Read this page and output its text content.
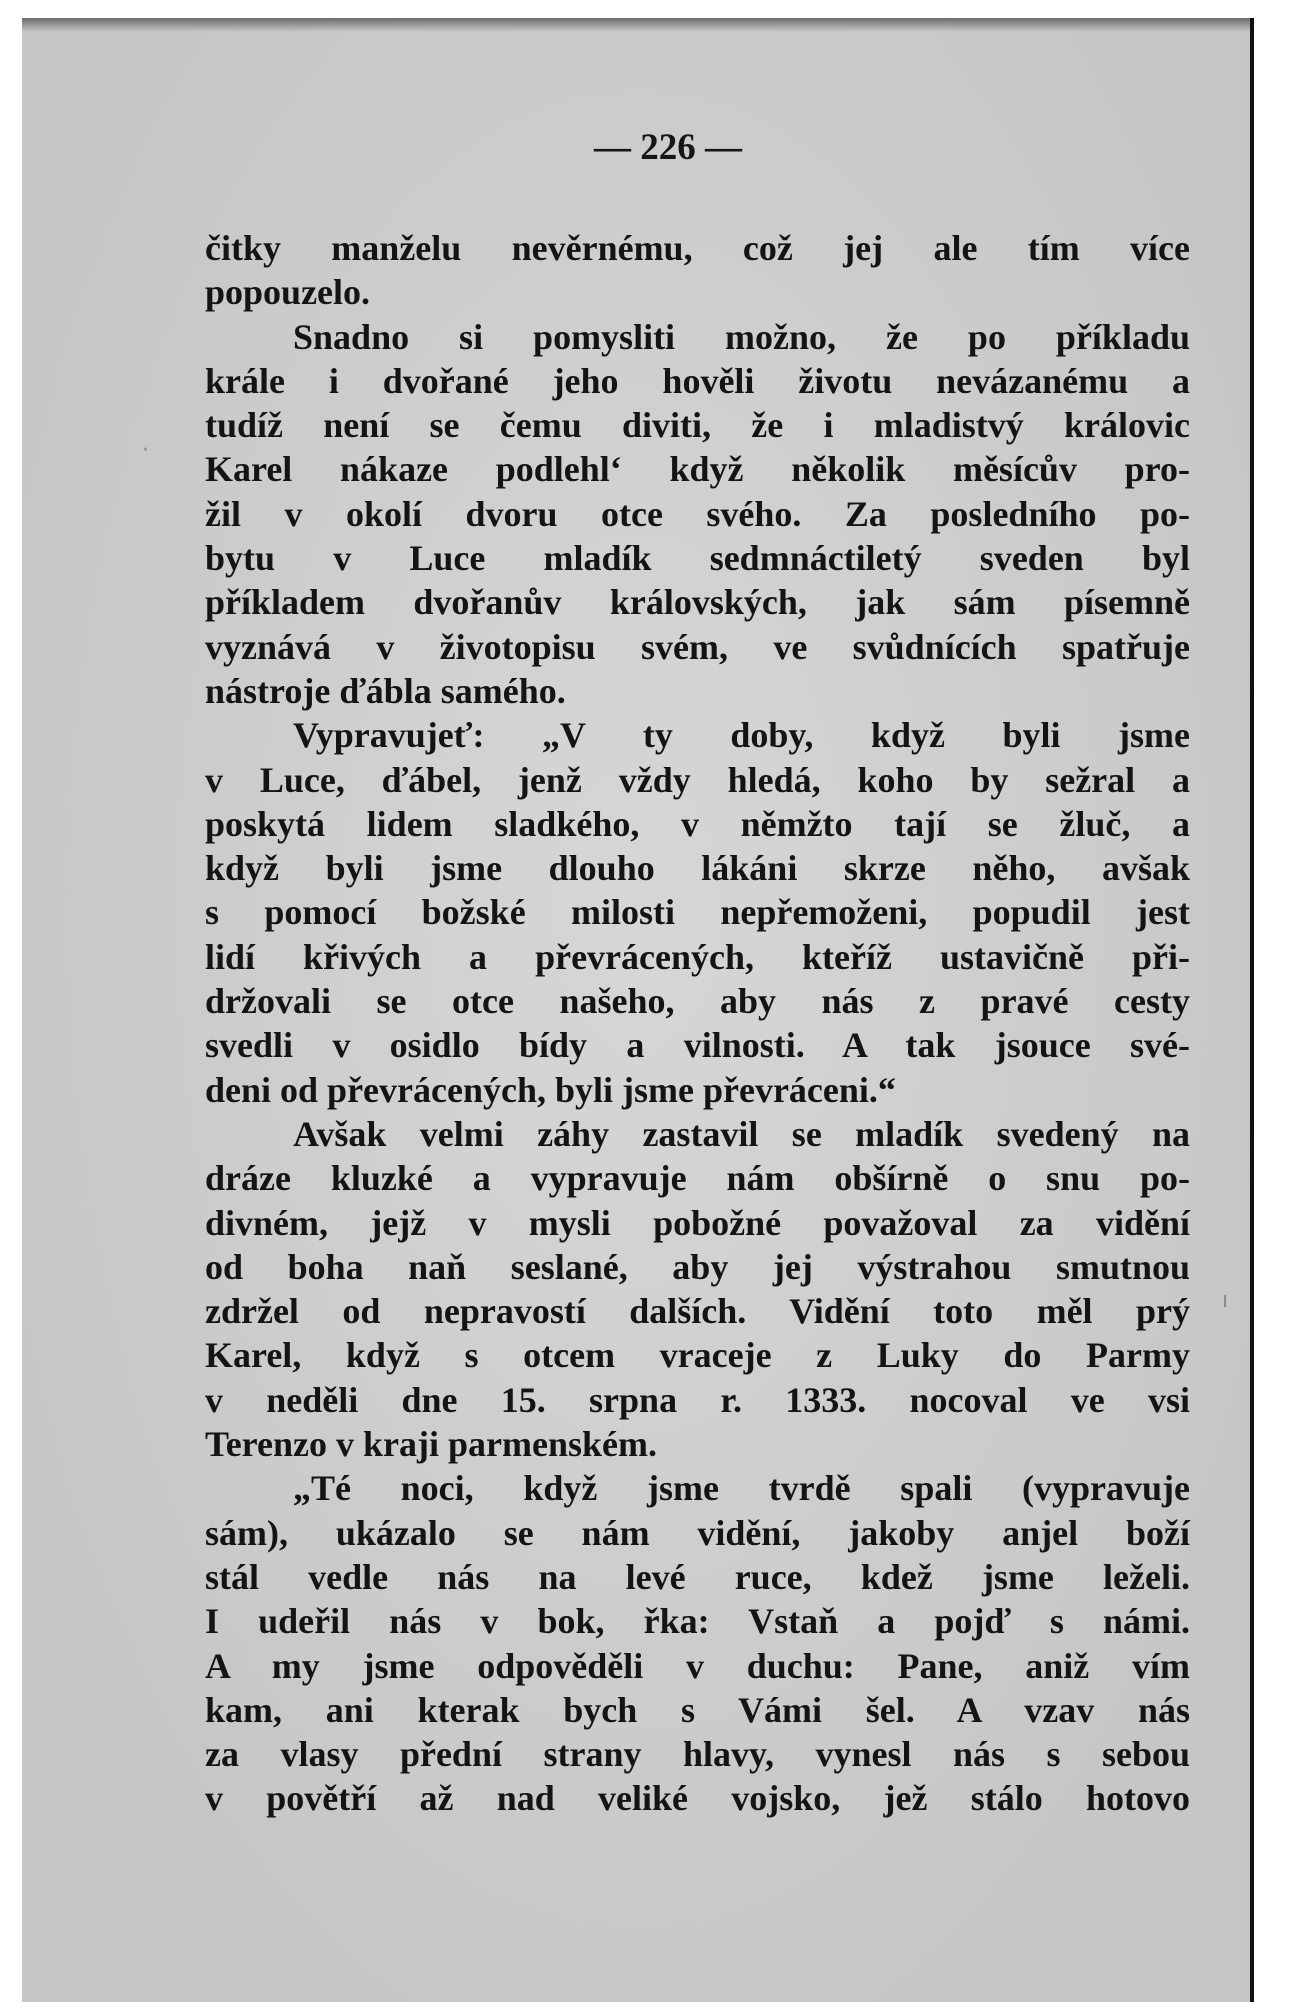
— 226 —
čitky manželu nevěrnému, což jej ale tím více
popouzelo.
Snadno si pomysliti možno, že po příkladu
krále i dvořané jeho hověli životu nevázanému a
tudíž není se čemu diviti, že i mladistvý královic
Karel nákaze podlehl‘ když několik měsícův pro-
žil v okolí dvoru otce svého. Za posledního po-
bytu v Luce mladík sedmnáctiletý sveden byl
příkladem dvořanův královských, jak sám písemně
vyznává v životopisu svém, ve svůdnících spatřuje
nástroje ďábla samého.
Vypravujeť: „V ty doby, když byli jsme
v Luce, ďábel, jenž vždy hledá, koho by sežral a
poskytá lidem sladkého, v němžto tají se žluč, a
když byli jsme dlouho lákáni skrze něho, avšak
s pomocí božské milosti nepřemoženi, popudil jest
lidí křivých a převrácených, kteříž ustavičně při-
držovali se otce našeho, aby nás z pravé cesty
svedli v osidlo bídy a vilnosti. A tak jsouce své-
deni od převrácených, byli jsme převráceni.“
Avšak velmi záhy zastavil se mladík svedený na
dráze kluzké a vypravuje nám obšírně o snu po-
divném, jejž v mysli pobožné považoval za vidění
od boha naň seslané, aby jej výstrahou smutnou
zdržel od nepravostí dalších. Vidění toto měl prý
Karel, když s otcem vraceje z Luky do Parmy
v neděli dne 15. srpna r. 1333. nocoval ve vsi
Terenzo v kraji parmenském.
„Té noci, když jsme tvrdě spali (vypravuje
sám), ukázalo se nám vidění, jakoby anjel boží
stál vedle nás na levé ruce, kdež jsme leželi.
I udeřil nás v bok, řka: Vstaň a pojď s námi.
A my jsme odpověděli v duchu: Pane, aniž vím
kam, ani kterak bych s Vámi šel. A vzav nás
za vlasy přední strany hlavy, vynesl nás s sebou
v povětří až nad veliké vojsko, jež stálo hotovo
·
ı
